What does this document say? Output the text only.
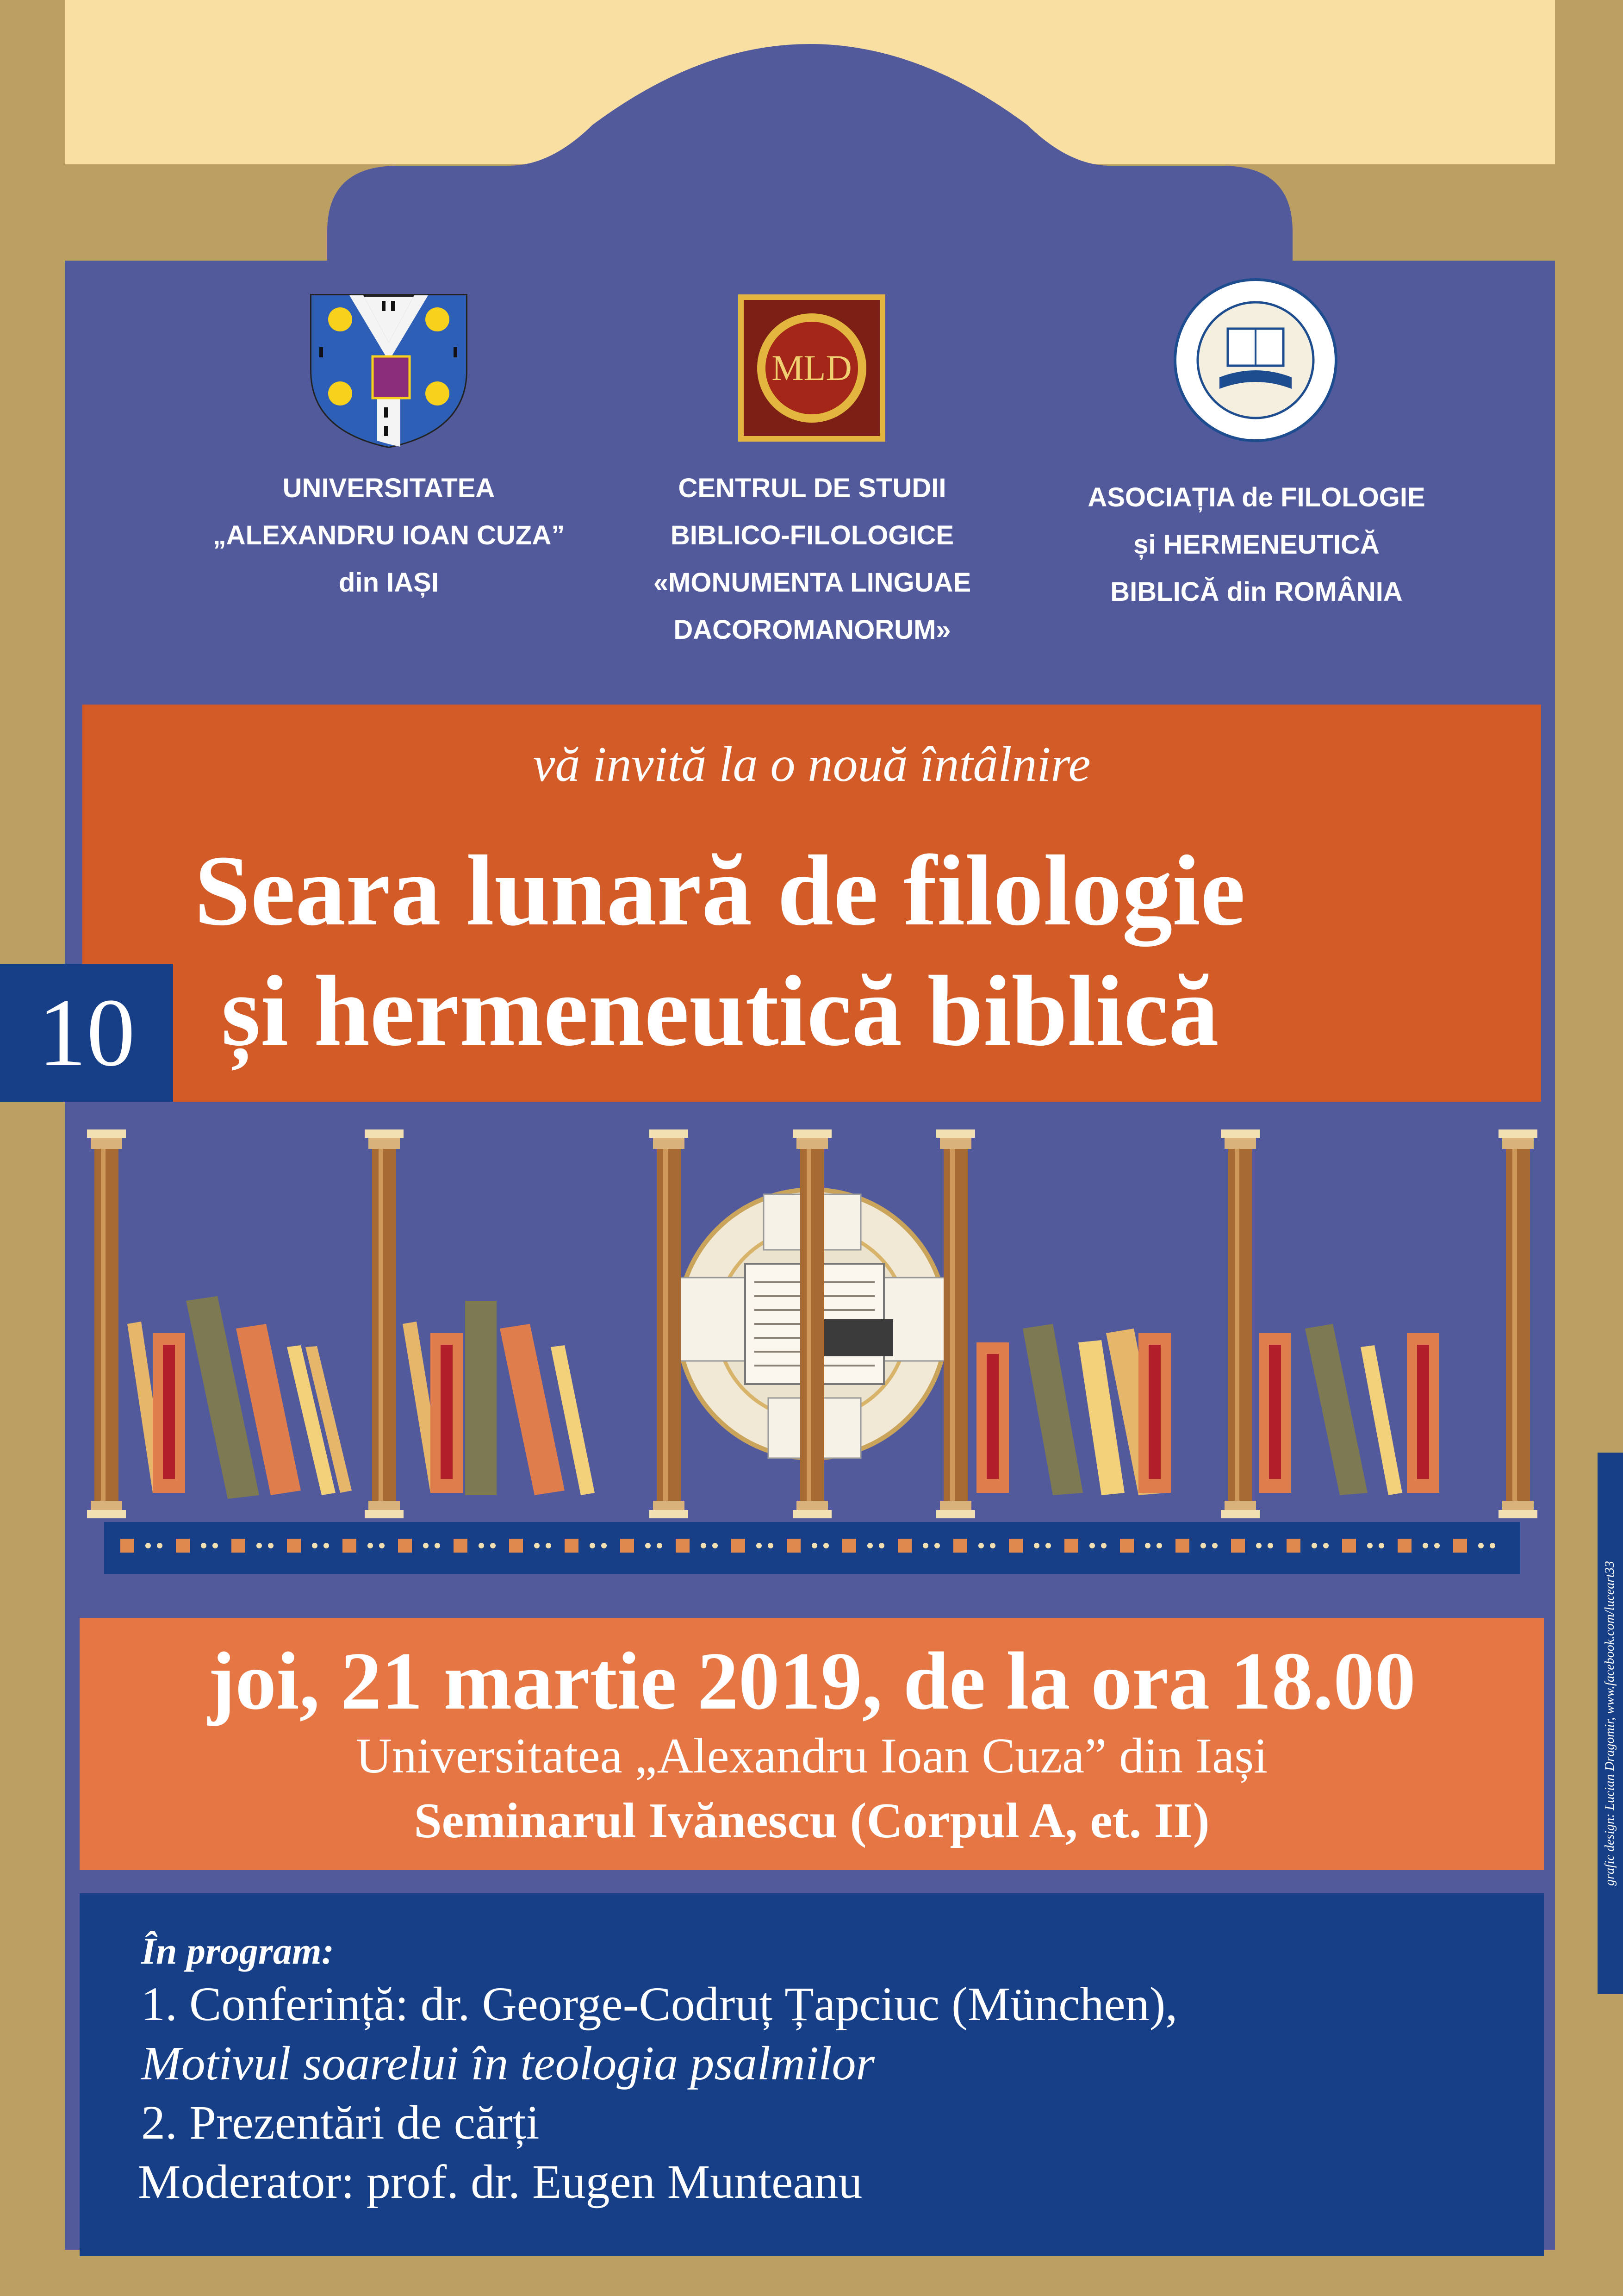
MLD
UNIVERSITATEA
„ALEXANDRU IOAN CUZA”
din IAȘI
CENTRUL DE STUDII
BIBLICO-FILOLOGICE
«MONUMENTA LINGUAE
DACOROMANORUM»
ASOCIAȚIA de FILOLOGIE
și HERMENEUTICĂ
BIBLICĂ din ROMÂNIA
vă invită la o nouă întâlnire
Seara lunară de filologie
și hermeneutică biblică
10
joi, 21 martie 2019, de la ora 18.00
Universitatea „Alexandru Ioan Cuza” din Iași
Seminarul Ivănescu (Corpul A, et. II)
În program:
1. Conferință: dr. George-Codruț Țapciuc (München),
Motivul soarelui în teologia psalmilor
2. Prezentări de cărți
Moderator: prof. dr. Eugen Munteanu
grafic design: Lucian Dragomir, www.facebook.com/luceart33
